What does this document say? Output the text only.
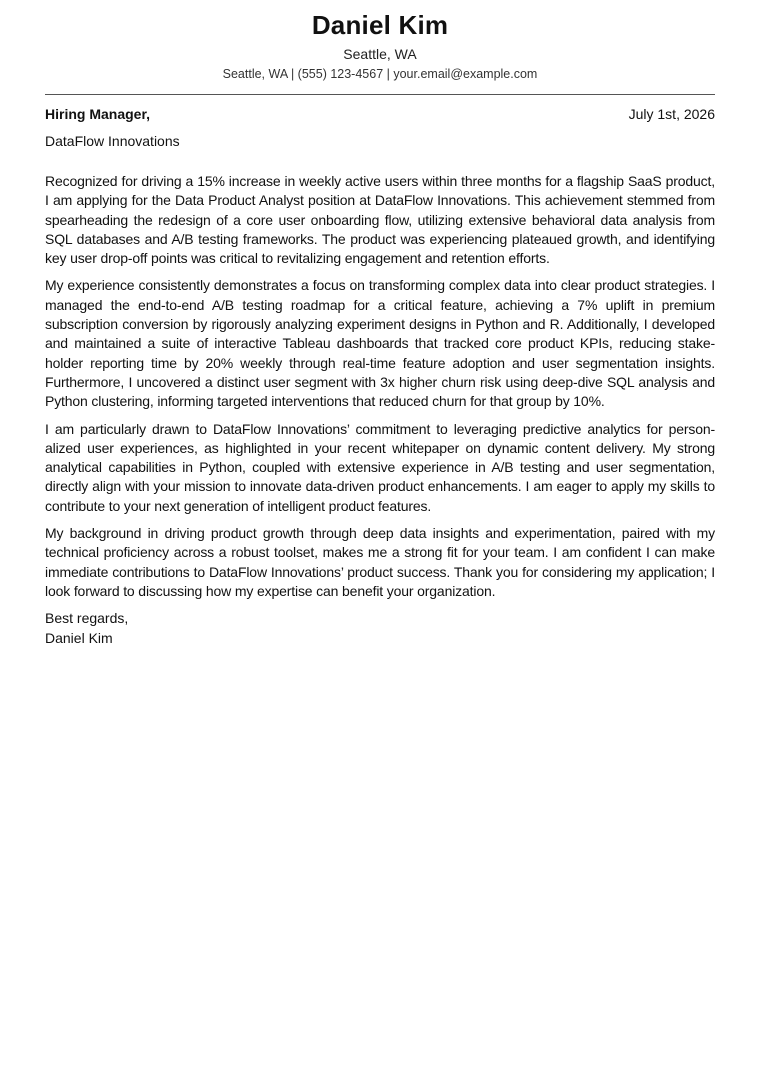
Daniel Kim
Seattle, WA
Seattle, WA | (555) 123-4567 | your.email@example.com
Hiring Manager,	July 1st, 2026
DataFlow Innovations

Recognized for driving a 15% increase in weekly active users within three months for a flagship SaaS product, I am applying for the Data Product Analyst position at DataFlow Innovations. This achievement stemmed from spearheading the redesign of a core user onboarding flow, utilizing extensive behavioral data analysis from SQL databases and A/B testing frameworks. The product was experiencing plateaued growth, and identifying key user drop-off points was critical to revitalizing engagement and retention efforts.

My experience consistently demonstrates a focus on transforming complex data into clear product strategies. I managed the end-to-end A/B testing roadmap for a critical feature, achieving a 7% uplift in premium subscription conversion by rigorously analyzing experiment designs in Python and R. Additionally, I developed and maintained a suite of interactive Tableau dashboards that tracked core product KPIs, reducing stake-holder reporting time by 20% weekly through real-time feature adoption and user segmentation insights. Furthermore, I uncovered a distinct user segment with 3x higher churn risk using deep-dive SQL analysis and Python clustering, informing targeted interventions that reduced churn for that group by 10%.

I am particularly drawn to DataFlow Innovations’ commitment to leveraging predictive analytics for person-alized user experiences, as highlighted in your recent whitepaper on dynamic content delivery. My strong analytical capabilities in Python, coupled with extensive experience in A/B testing and user segmentation, directly align with your mission to innovate data-driven product enhancements. I am eager to apply my skills to contribute to your next generation of intelligent product features.

My background in driving product growth through deep data insights and experimentation, paired with my technical proficiency across a robust toolset, makes me a strong fit for your team. I am confident I can make immediate contributions to DataFlow Innovations’ product success. Thank you for considering my application; I look forward to discussing how my expertise can benefit your organization.

Best regards,
Daniel Kim
